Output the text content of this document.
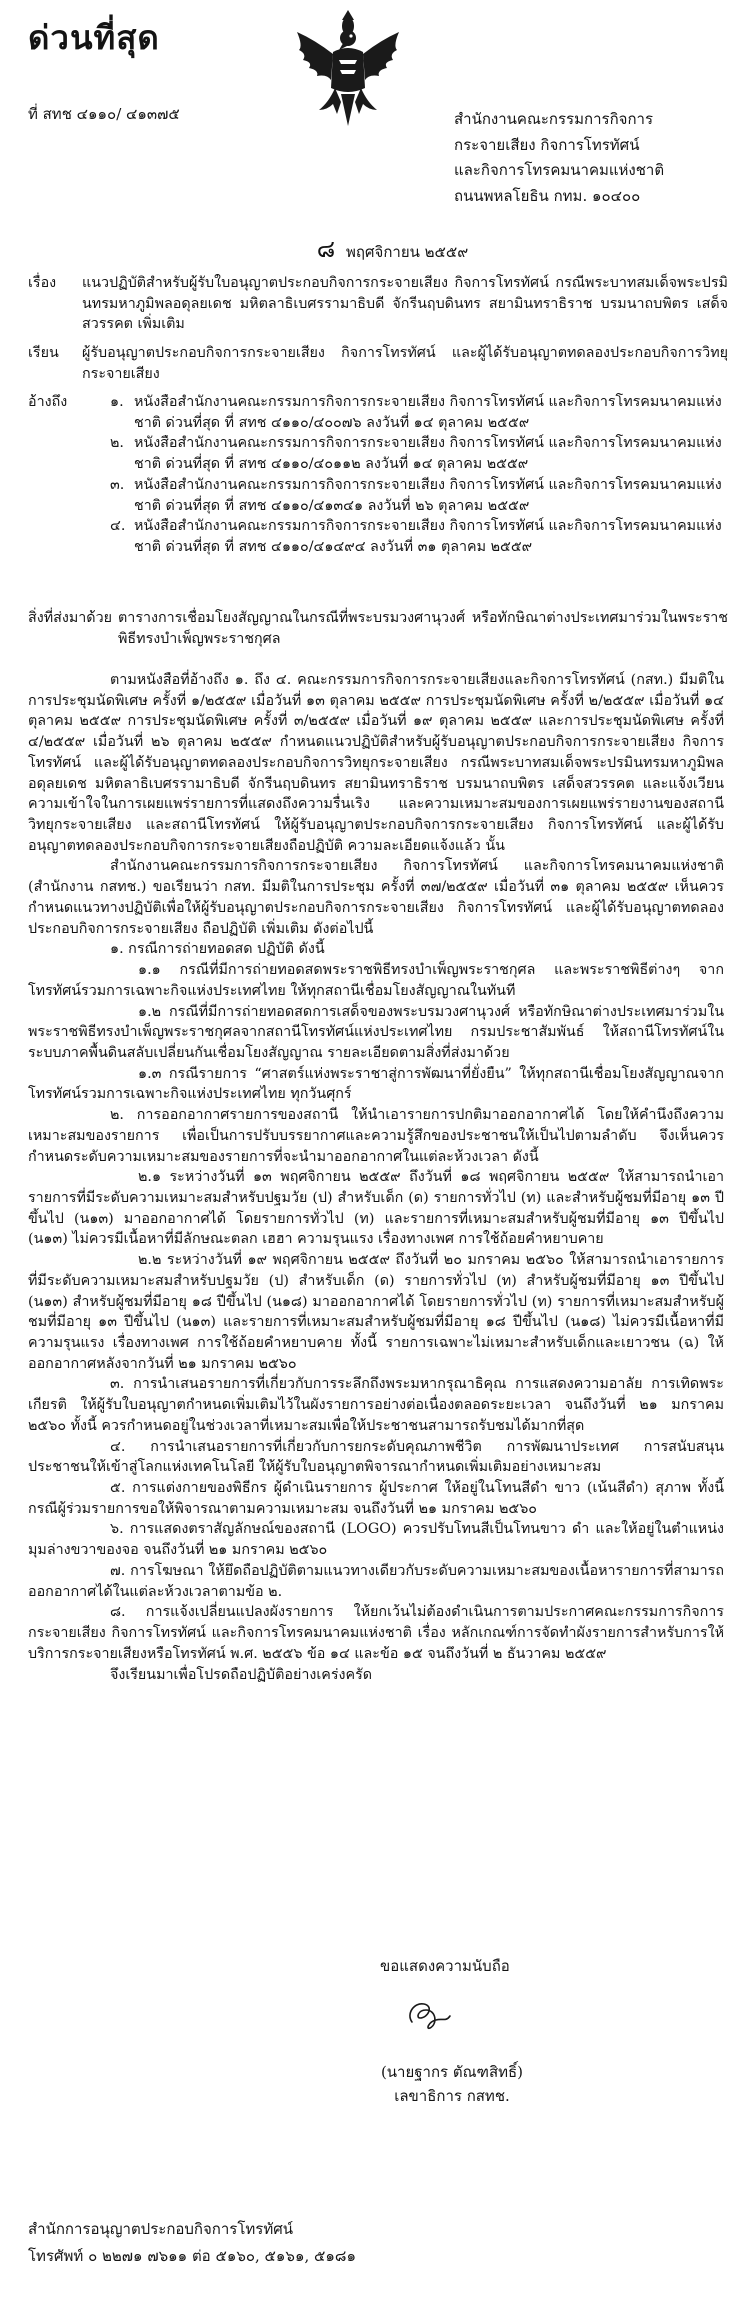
ด่วนที่สุด
ที่ สทช ๔๑๑๐/ ๔๑๓๗๕	สำนักงานคณะกรรมการกิจการ
กระจายเสียง กิจการโทรทัศน์
และกิจการโทรคมนาคมแห่งชาติ
ถนนพหลโยธิน กทม. ๑๐๔๐๐
๘ พฤศจิกายน ๒๕๕๙
เรื่อง	แนวปฏิบัติสำหรับผู้รับใบอนุญาตประกอบกิจการกระจายเสียง กิจการโทรทัศน์ กรณีพระบาทสมเด็จพระปรมินทรมหาภูมิพลอดุลยเดช มหิตลาธิเบศรรามาธิบดี จักรีนฤบดินทร สยามินทราธิราช บรมนาถบพิตร เสด็จสวรรคต เพิ่มเติม
เรียน	ผู้รับอนุญาตประกอบกิจการกระจายเสียง กิจการโทรทัศน์ และผู้ได้รับอนุญาตทดลองประกอบกิจการวิทยุกระจายเสียง
อ้างถึง	๑. หนังสือสำนักงานคณะกรรมการกิจการกระจายเสียง กิจการโทรทัศน์ และกิจการโทรคมนาคมแห่งชาติ ด่วนที่สุด ที่ สทช ๔๑๑๐/๔๐๐๗๖ ลงวันที่ ๑๔ ตุลาคม ๒๕๕๙
๒. หนังสือสำนักงานคณะกรรมการกิจการกระจายเสียง กิจการโทรทัศน์ และกิจการโทรคมนาคมแห่งชาติ ด่วนที่สุด ที่ สทช ๔๑๑๐/๔๐๑๑๒ ลงวันที่ ๑๔ ตุลาคม ๒๕๕๙
๓. หนังสือสำนักงานคณะกรรมการกิจการกระจายเสียง กิจการโทรทัศน์ และกิจการโทรคมนาคมแห่งชาติ ด่วนที่สุด ที่ สทช ๔๑๑๐/๔๑๓๔๑ ลงวันที่ ๒๖ ตุลาคม ๒๕๕๙
๔. หนังสือสำนักงานคณะกรรมการกิจการกระจายเสียง กิจการโทรทัศน์ และกิจการโทรคมนาคมแห่งชาติ ด่วนที่สุด ที่ สทช ๔๑๑๐/๔๑๔๙๔ ลงวันที่ ๓๑ ตุลาคม ๒๕๕๙
สิ่งที่ส่งมาด้วย ตารางการเชื่อมโยงสัญญาณในกรณีที่พระบรมวงศานุวงศ์ หรือทักษิณาต่างประเทศมาร่วมในพระราชพิธีทรงบำเพ็ญพระราชกุศล

ตามหนังสือที่อ้างถึง ๑. ถึง ๔. คณะกรรมการกิจการกระจายเสียงและกิจการโทรทัศน์ (กสท.) มีมติในการประชุมนัดพิเศษ ครั้งที่ ๑/๒๕๕๙ เมื่อวันที่ ๑๓ ตุลาคม ๒๕๕๙ การประชุมนัดพิเศษ ครั้งที่ ๒/๒๕๕๙ เมื่อวันที่ ๑๔ ตุลาคม ๒๕๕๙ การประชุมนัดพิเศษ ครั้งที่ ๓/๒๕๕๙ เมื่อวันที่ ๑๙ ตุลาคม ๒๕๕๙ และการประชุมนัดพิเศษ ครั้งที่ ๔/๒๕๕๙ เมื่อวันที่ ๒๖ ตุลาคม ๒๕๕๙ กำหนดแนวปฏิบัติสำหรับผู้รับอนุญาตประกอบกิจการกระจายเสียง กิจการโทรทัศน์ และผู้ได้รับอนุญาตทดลองประกอบกิจการวิทยุกระจายเสียง กรณีพระบาทสมเด็จพระปรมินทรมหาภูมิพลอดุลยเดช มหิตลาธิเบศรรามาธิบดี จักรีนฤบดินทร สยามินทราธิราช บรมนาถบพิตร เสด็จสวรรคต และแจ้งเวียนความเข้าใจในการเผยแพร่รายการที่แสดงถึงความรื่นเริง และความเหมาะสมของการเผยแพร่รายงานของสถานีวิทยุกระจายเสียง และสถานีโทรทัศน์ ให้ผู้รับอนุญาตประกอบกิจการกระจายเสียง กิจการโทรทัศน์ และผู้ได้รับอนุญาตทดลองประกอบกิจการกระจายเสียงถือปฏิบัติ ความละเอียดแจ้งแล้ว นั้น

สำนักงานคณะกรรมการกิจการกระจายเสียง กิจการโทรทัศน์ และกิจการโทรคมนาคมแห่งชาติ (สำนักงาน กสทช.) ขอเรียนว่า กสท. มีมติในการประชุม ครั้งที่ ๓๗/๒๕๕๙ เมื่อวันที่ ๓๑ ตุลาคม ๒๕๕๙ เห็นควรกำหนดแนวทางปฏิบัติเพื่อให้ผู้รับอนุญาตประกอบกิจการกระจายเสียง กิจการโทรทัศน์ และผู้ได้รับอนุญาตทดลองประกอบกิจการกระจายเสียง ถือปฏิบัติ เพิ่มเติม ดังต่อไปนี้

๑. กรณีการถ่ายทอดสด ปฏิบัติ ดังนี้

๑.๑ กรณีที่มีการถ่ายทอดสดพระราชพิธีทรงบำเพ็ญพระราชกุศล และพระราชพิธีต่างๆ จากโทรทัศน์รวมการเฉพาะกิจแห่งประเทศไทย ให้ทุกสถานีเชื่อมโยงสัญญาณในทันที

๑.๒ กรณีที่มีการถ่ายทอดสดการเสด็จของพระบรมวงศานุวงศ์ หรือทักษิณาต่างประเทศมาร่วมในพระราชพิธีทรงบำเพ็ญพระราชกุศลจากสถานีโทรทัศน์แห่งประเทศไทย กรมประชาสัมพันธ์ ให้สถานีโทรทัศน์ในระบบภาคพื้นดินสลับเปลี่ยนกันเชื่อมโยงสัญญาณ รายละเอียดตามสิ่งที่ส่งมาด้วย

๑.๓ กรณีรายการ “ศาสตร์แห่งพระราชาสู่การพัฒนาที่ยั่งยืน” ให้ทุกสถานีเชื่อมโยงสัญญาณจากโทรทัศน์รวมการเฉพาะกิจแห่งประเทศไทย ทุกวันศุกร์

๒. การออกอากาศรายการของสถานี ให้นำเอารายการปกติมาออกอากาศได้ โดยให้คำนึงถึงความเหมาะสมของรายการ เพื่อเป็นการปรับบรรยากาศและความรู้สึกของประชาชนให้เป็นไปตามลำดับ จึงเห็นควรกำหนดระดับความเหมาะสมของรายการที่จะนำมาออกอากาศในแต่ละห้วงเวลา ดังนี้

๒.๑ ระหว่างวันที่ ๑๓ พฤศจิกายน ๒๕๕๙ ถึงวันที่ ๑๘ พฤศจิกายน ๒๕๕๙ ให้สามารถนำเอารายการที่มีระดับความเหมาะสมสำหรับปฐมวัย (ป) สำหรับเด็ก (ด) รายการทั่วไป (ท) และสำหรับผู้ชมที่มีอายุ ๑๓ ปีขึ้นไป (น๑๓) มาออกอากาศได้ โดยรายการทั่วไป (ท) และรายการที่เหมาะสมสำหรับผู้ชมที่มีอายุ ๑๓ ปีขึ้นไป (น๑๓) ไม่ควรมีเนื้อหาที่มีลักษณะตลก เฮฮา ความรุนแรง เรื่องทางเพศ การใช้ถ้อยคำหยาบคาย

๒.๒ ระหว่างวันที่ ๑๙ พฤศจิกายน ๒๕๕๙ ถึงวันที่ ๒๐ มกราคม ๒๕๖๐ ให้สามารถนำเอารายการที่มีระดับความเหมาะสมสำหรับปฐมวัย (ป) สำหรับเด็ก (ด) รายการทั่วไป (ท) สำหรับผู้ชมที่มีอายุ ๑๓ ปีขึ้นไป (น๑๓) สำหรับผู้ชมที่มีอายุ ๑๘ ปีขึ้นไป (น๑๘) มาออกอากาศได้ โดยรายการทั่วไป (ท) รายการที่เหมาะสมสำหรับผู้ชมที่มีอายุ ๑๓ ปีขึ้นไป (น๑๓) และรายการที่เหมาะสมสำหรับผู้ชมที่มีอายุ ๑๘ ปีขึ้นไป (น๑๘) ไม่ควรมีเนื้อหาที่มีความรุนแรง เรื่องทางเพศ การใช้ถ้อยคำหยาบคาย ทั้งนี้ รายการเฉพาะไม่เหมาะสำหรับเด็กและเยาวชน (ฉ) ให้ออกอากาศหลังจากวันที่ ๒๑ มกราคม ๒๕๖๐

๓. การนำเสนอรายการที่เกี่ยวกับการระลึกถึงพระมหากรุณาธิคุณ การแสดงความอาลัย การเทิดพระเกียรติ ให้ผู้รับใบอนุญาตกำหนดเพิ่มเติมไว้ในผังรายการอย่างต่อเนื่องตลอดระยะเวลา จนถึงวันที่ ๒๑ มกราคม ๒๕๖๐ ทั้งนี้ ควรกำหนดอยู่ในช่วงเวลาที่เหมาะสมเพื่อให้ประชาชนสามารถรับชมได้มากที่สุด

๔. การนำเสนอรายการที่เกี่ยวกับการยกระดับคุณภาพชีวิต การพัฒนาประเทศ การสนับสนุนประชาชนให้เข้าสู่โลกแห่งเทคโนโลยี ให้ผู้รับใบอนุญาตพิจารณากำหนดเพิ่มเติมอย่างเหมาะสม

๕. การแต่งกายของพิธีกร ผู้ดำเนินรายการ ผู้ประกาศ ให้อยู่ในโทนสีดำ ขาว (เน้นสีดำ) สุภาพ ทั้งนี้ กรณีผู้ร่วมรายการขอให้พิจารณาตามความเหมาะสม จนถึงวันที่ ๒๑ มกราคม ๒๕๖๐

๖. การแสดงตราสัญลักษณ์ของสถานี (LOGO) ควรปรับโทนสีเป็นโทนขาว ดำ และให้อยู่ในตำแหน่งมุมล่างขวาของจอ จนถึงวันที่ ๒๑ มกราคม ๒๕๖๐

๗. การโฆษณา ให้ยึดถือปฏิบัติตามแนวทางเดียวกับระดับความเหมาะสมของเนื้อหารายการที่สามารถออกอากาศได้ในแต่ละห้วงเวลาตามข้อ ๒.

๘. การแจ้งเปลี่ยนแปลงผังรายการ ให้ยกเว้นไม่ต้องดำเนินการตามประกาศคณะกรรมการกิจการกระจายเสียง กิจการโทรทัศน์ และกิจการโทรคมนาคมแห่งชาติ เรื่อง หลักเกณฑ์การจัดทำผังรายการสำหรับการให้บริการกระจายเสียงหรือโทรทัศน์ พ.ศ. ๒๕๕๖ ข้อ ๑๔ และข้อ ๑๕ จนถึงวันที่ ๒ ธันวาคม ๒๕๕๙

จึงเรียนมาเพื่อโปรดถือปฏิบัติอย่างเคร่งครัด

ขอแสดงความนับถือ
(นายฐากร ตัณฑสิทธิ์)
เลขาธิการ กสทช.
สำนักการอนุญาตประกอบกิจการโทรทัศน์
โทรศัพท์ ๐ ๒๒๗๑ ๗๖๑๑ ต่อ ๕๑๖๐, ๕๑๖๑, ๕๑๘๑
